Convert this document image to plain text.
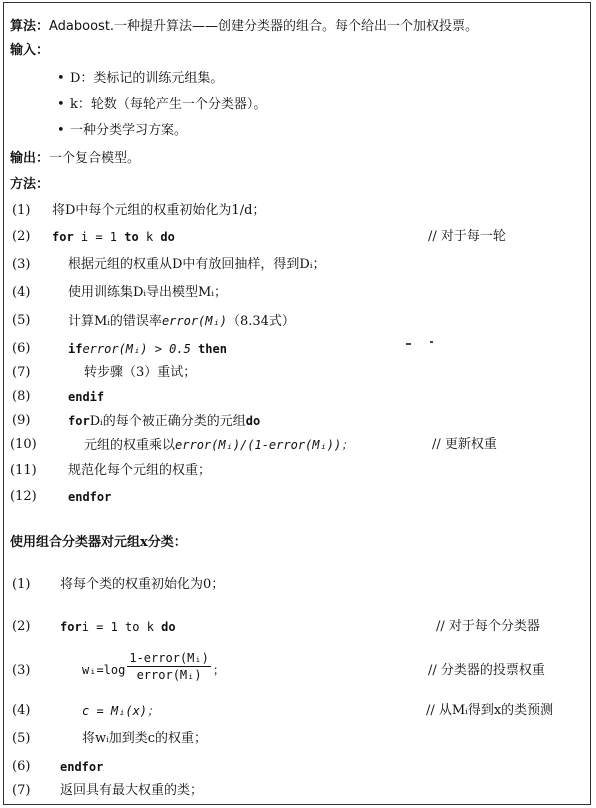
算法：Adaboost.一种提升算法——创建分类器的组合。每个给出一个加权投票。
输入：
• D：类标记的训练元组集。
• k：轮数（每轮产生一个分类器）。
• 一种分类学习方案。
输出：一个复合模型。
方法：
(1) 将D中每个元组的权重初始化为1/d；
(2) for i = 1 to k do	// 对于每一轮
(3)	根据元组的权重从D中有放回抽样，得到Dᵢ；
(4)	使用训练集Dᵢ导出模型Mᵢ；
(5)	计算Mᵢ的错误率error(Mᵢ)（8.34式）
(6)	iferror(Mᵢ) > 0.5 then
(7)	转步骤（3）重试；
(8)	endif
(9)	forDᵢ的每个被正确分类的元组do
(10)	元组的权重乘以error(Mᵢ)/(1-error(Mᵢ))；	// 更新权重
(11) 规范化每个元组的权重；
(12)	endfor
使用组合分类器对元组x分类：
(1) 将每个类的权重初始化为0；
(2) fori = 1 to k do	// 对于每个分类器
(3)	wᵢ=log $\frac{\text{1-error(Mᵢ)}}{\text{error(Mᵢ)}}$ ；	// 分类器的投票权重
(4)	c = Mᵢ(x)；	// 从Mᵢ得到x的类预测
(5)	将wᵢ加到类c的权重；
(6) endfor
(7) 返回具有最大权重的类；
